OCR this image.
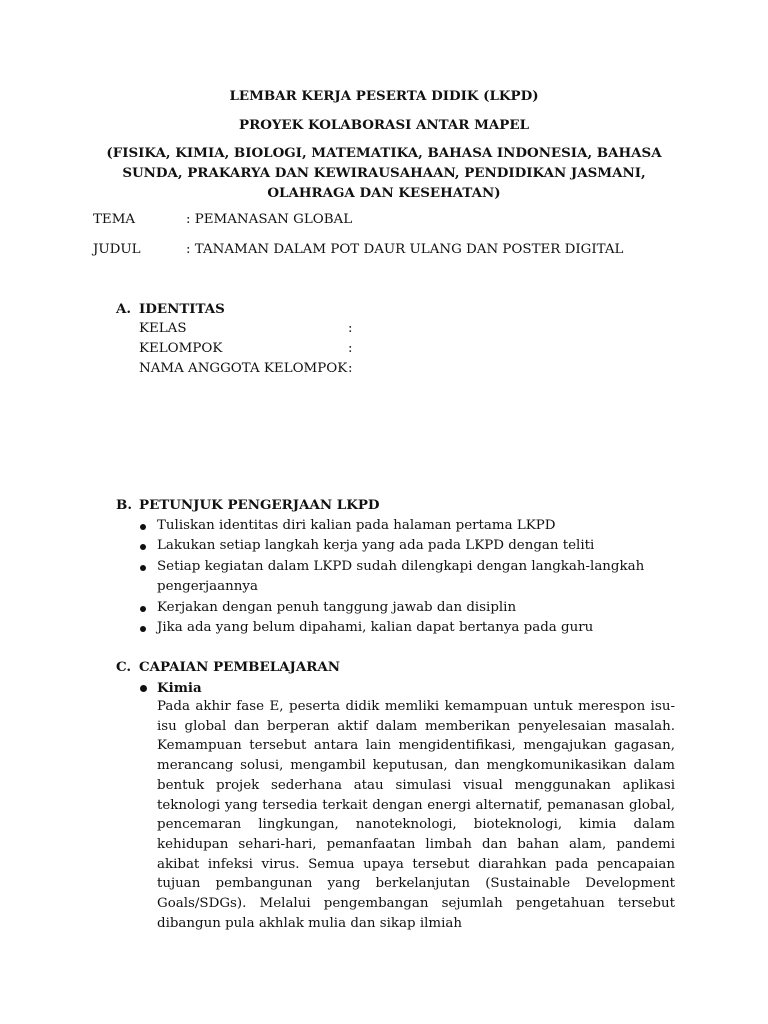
LEMBAR KERJA PESERTA DIDIK (LKPD)
PROYEK KOLABORASI ANTAR MAPEL
(FISIKA, KIMIA, BIOLOGI, MATEMATIKA, BAHASA INDONESIA, BAHASA SUNDA, PRAKARYA DAN KEWIRAUSAHAAN, PENDIDIKAN JASMANI, OLAHRAGA DAN KESEHATAN)
TEMA	: PEMANASAN GLOBAL
JUDUL	: TANAMAN DALAM POT DAUR ULANG DAN POSTER DIGITAL
A. IDENTITAS
KELAS	:
KELOMPOK	:
NAMA ANGGOTA KELOMPOK :
B. PETUNJUK PENGERJAAN LKPD
Tuliskan identitas diri kalian pada halaman pertama LKPD
Lakukan setiap langkah kerja yang ada pada LKPD dengan teliti
Setiap kegiatan dalam LKPD sudah dilengkapi dengan langkah-langkah pengerjaannya
Kerjakan dengan penuh tanggung jawab dan disiplin
Jika ada yang belum dipahami, kalian dapat bertanya pada guru
C. CAPAIAN PEMBELAJARAN
Kimia

Pada akhir fase E, peserta didik memliki kemampuan untuk merespon isu-isu global dan berperan aktif dalam memberikan penyelesaian masalah. Kemampuan tersebut antara lain mengidentifikasi, mengajukan gagasan, merancang solusi, mengambil keputusan, dan mengkomunikasikan dalam bentuk projek sederhana atau simulasi visual menggunakan aplikasi teknologi yang tersedia terkait dengan energi alternatif, pemanasan global, pencemaran lingkungan, nanoteknologi, bioteknologi, kimia dalam kehidupan sehari-hari, pemanfaatan limbah dan bahan alam, pandemi akibat infeksi virus. Semua upaya tersebut diarahkan pada pencapaian tujuan pembangunan yang berkelanjutan (Sustainable Development Goals/SDGs). Melalui pengembangan sejumlah pengetahuan tersebut dibangun pula akhlak mulia dan sikap ilmiah
